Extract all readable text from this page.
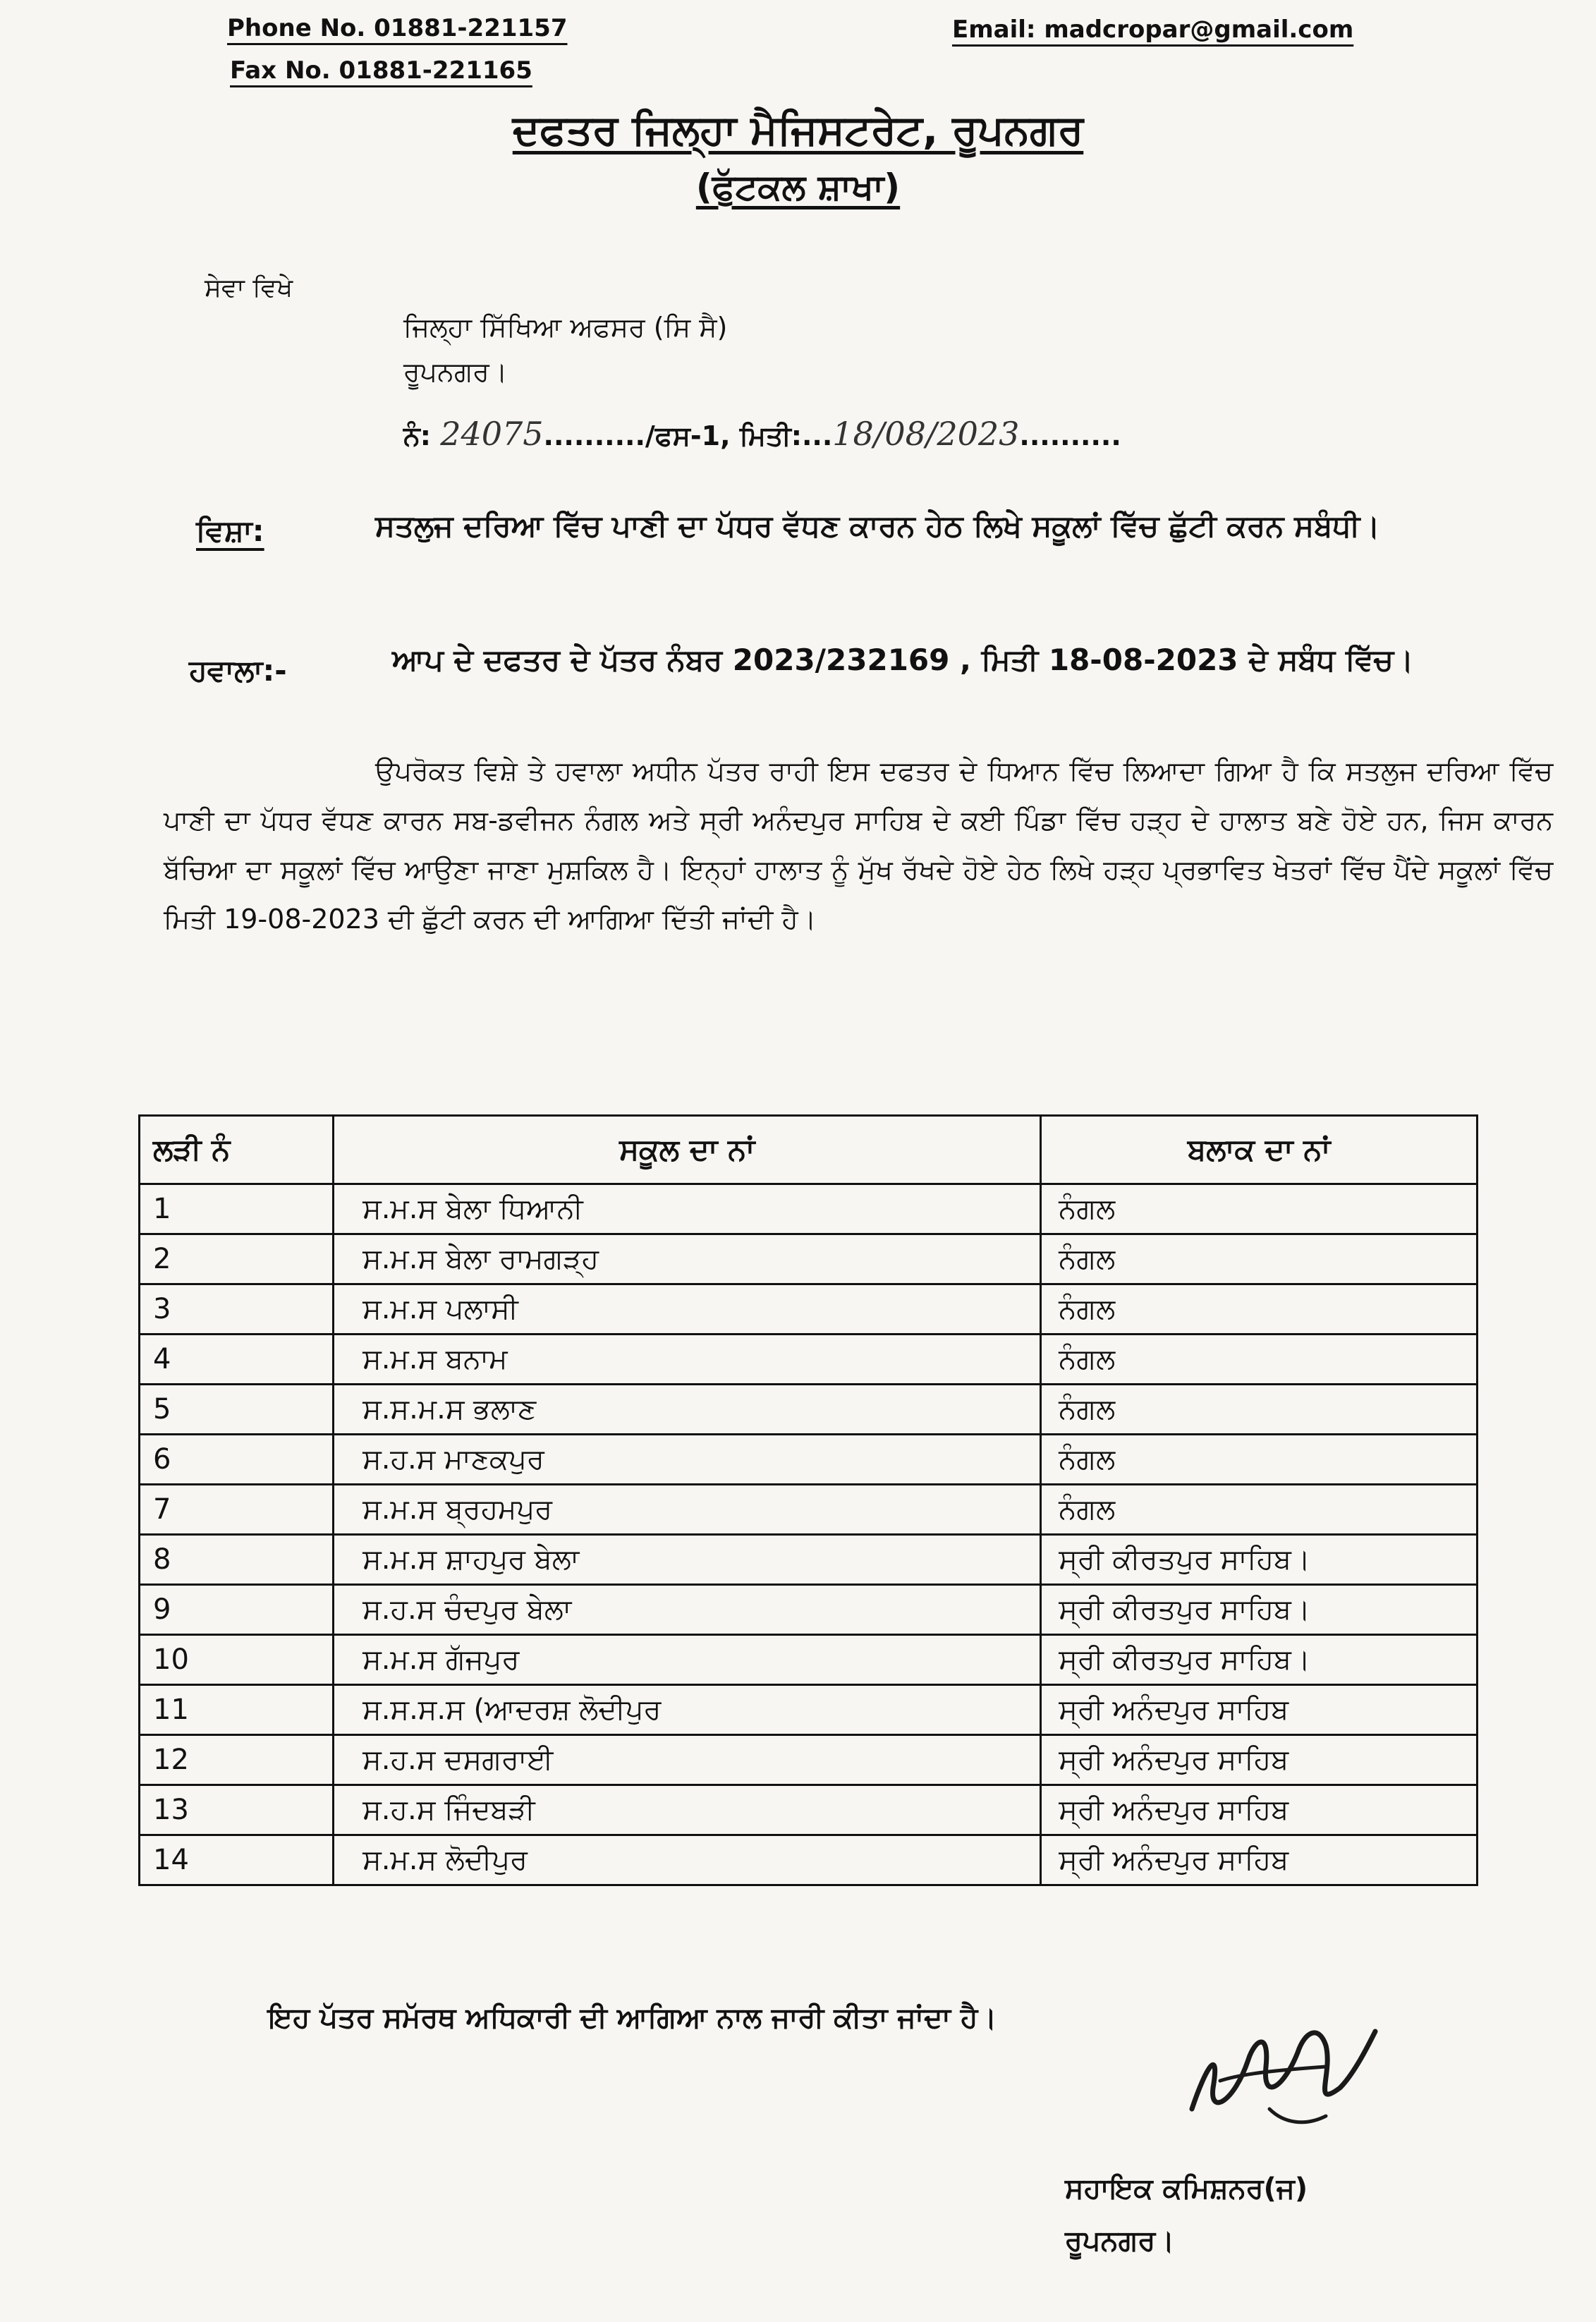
Phone No. 01881-221157
Fax No. 01881-221165
Email: madcropar@gmail.com
ਦਫਤਰ ਜਿਲ੍ਹਾ ਮੈਜਿਸਟਰੇਟ, ਰੂਪਨਗਰ
(ਫੁੱਟਕਲ ਸ਼ਾਖਾ)
ਸੇਵਾ ਵਿਖੇ
ਜਿਲ੍ਹਾ ਸਿੱਖਿਆ ਅਫਸਰ (ਸਿ ਸੈ)
ਰੂਪਨਗਰ।
ਨੰ: 24075........../ਫਸ-1, ਮਿਤੀ:...18/08/2023..........
ਵਿਸ਼ਾ:	ਸਤਲੁਜ ਦਰਿਆ ਵਿੱਚ ਪਾਣੀ ਦਾ ਪੱਧਰ ਵੱਧਣ ਕਾਰਨ ਹੇਠ ਲਿਖੇ ਸਕੂਲਾਂ ਵਿੱਚ ਛੁੱਟੀ ਕਰਨ ਸਬੰਧੀ।
ਹਵਾਲਾ:-	ਆਪ ਦੇ ਦਫਤਰ ਦੇ ਪੱਤਰ ਨੰਬਰ 2023/232169 , ਮਿਤੀ 18-08-2023 ਦੇ ਸਬੰਧ ਵਿੱਚ।
ਉਪਰੋਕਤ ਵਿਸ਼ੇ ਤੇ ਹਵਾਲਾ ਅਧੀਨ ਪੱਤਰ ਰਾਹੀ ਇਸ ਦਫਤਰ ਦੇ ਧਿਆਨ ਵਿੱਚ ਲਿਆਦਾ ਗਿਆ ਹੈ ਕਿ ਸਤਲੁਜ ਦਰਿਆ ਵਿੱਚ ਪਾਣੀ ਦਾ ਪੱਧਰ ਵੱਧਣ ਕਾਰਨ ਸਬ-ਡਵੀਜਨ ਨੰਗਲ ਅਤੇ ਸ੍ਰੀ ਅਨੰਦਪੁਰ ਸਾਹਿਬ ਦੇ ਕਈ ਪਿੰਡਾ ਵਿੱਚ ਹੜ੍ਹ ਦੇ ਹਾਲਾਤ ਬਣੇ ਹੋਏ ਹਨ, ਜਿਸ ਕਾਰਨ ਬੱਚਿਆ ਦਾ ਸਕੂਲਾਂ ਵਿੱਚ ਆਉਣਾ ਜਾਣਾ ਮੁਸ਼ਕਿਲ ਹੈ। ਇਨ੍ਹਾਂ ਹਾਲਾਤ ਨੂੰ ਮੁੱਖ ਰੱਖਦੇ ਹੋਏ ਹੇਠ ਲਿਖੇ ਹੜ੍ਹ ਪ੍ਰਭਾਵਿਤ ਖੇਤਰਾਂ ਵਿੱਚ ਪੈਂਦੇ ਸਕੂਲਾਂ ਵਿੱਚ ਮਿਤੀ 19-08-2023 ਦੀ ਛੁੱਟੀ ਕਰਨ ਦੀ ਆਗਿਆ ਦਿੱਤੀ ਜਾਂਦੀ ਹੈ।
ਲੜੀ ਨੰ	ਸਕੂਲ ਦਾ ਨਾਂ	ਬਲਾਕ ਦਾ ਨਾਂ
1	ਸ.ਮ.ਸ ਬੇਲਾ ਧਿਆਨੀ	ਨੰਗਲ
2	ਸ.ਮ.ਸ ਬੇਲਾ ਰਾਮਗੜ੍ਹ	ਨੰਗਲ
3	ਸ.ਮ.ਸ ਪਲਾਸੀ	ਨੰਗਲ
4	ਸ.ਮ.ਸ ਬਨਾਮ	ਨੰਗਲ
5	ਸ.ਸ.ਮ.ਸ ਭਲਾਣ	ਨੰਗਲ
6	ਸ.ਹ.ਸ ਮਾਣਕਪੁਰ	ਨੰਗਲ
7	ਸ.ਮ.ਸ ਬ੍ਰਹਮਪੁਰ	ਨੰਗਲ
8	ਸ.ਮ.ਸ ਸ਼ਾਹਪੁਰ ਬੇਲਾ	ਸ੍ਰੀ ਕੀਰਤਪੁਰ ਸਾਹਿਬ।
9	ਸ.ਹ.ਸ ਚੰਦਪੁਰ ਬੇਲਾ	ਸ੍ਰੀ ਕੀਰਤਪੁਰ ਸਾਹਿਬ।
10	ਸ.ਮ.ਸ ਗੱਜਪੁਰ	ਸ੍ਰੀ ਕੀਰਤਪੁਰ ਸਾਹਿਬ।
11	ਸ.ਸ.ਸ.ਸ (ਆਦਰਸ਼ ਲੋਦੀਪੁਰ	ਸ੍ਰੀ ਅਨੰਦਪੁਰ ਸਾਹਿਬ
12	ਸ.ਹ.ਸ ਦਸਗਰਾਈ	ਸ੍ਰੀ ਅਨੰਦਪੁਰ ਸਾਹਿਬ
13	ਸ.ਹ.ਸ ਜਿੰਦਬੜੀ	ਸ੍ਰੀ ਅਨੰਦਪੁਰ ਸਾਹਿਬ
14	ਸ.ਮ.ਸ ਲੋਦੀਪੁਰ	ਸ੍ਰੀ ਅਨੰਦਪੁਰ ਸਾਹਿਬ
ਇਹ ਪੱਤਰ ਸਮੱਰਥ ਅਧਿਕਾਰੀ ਦੀ ਆਗਿਆ ਨਾਲ ਜਾਰੀ ਕੀਤਾ ਜਾਂਦਾ ਹੈ।
ਸਹਾਇਕ ਕਮਿਸ਼ਨਰ(ਜ)
ਰੂਪਨਗਰ।
